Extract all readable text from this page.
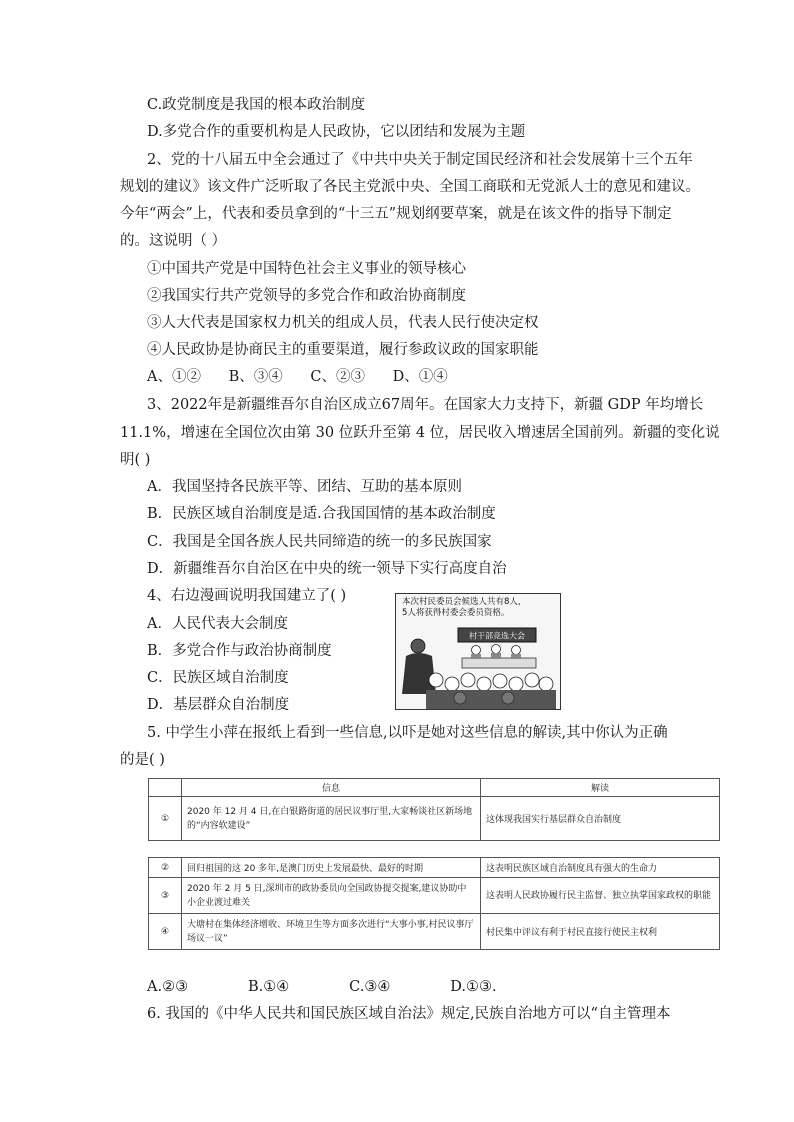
C.政党制度是我国的根本政治制度
D.多党合作的重要机构是人民政协，它以团结和发展为主题
2、党的十八届五中全会通过了《中共中央关于制定国民经济和社会发展第十三个五年
规划的建议》该文件广泛听取了各民主党派中央、全国工商联和无党派人士的意见和建议。
今年“两会”上，代表和委员拿到的“十三五”规划纲要草案，就是在该文件的指导下制定
的。这说明（ ）
①中国共产党是中国特色社会主义事业的领导核心
②我国实行共产党领导的多党合作和政治协商制度
③人大代表是国家权力机关的组成人员，代表人民行使决定权
④人民政协是协商民主的重要渠道，履行参政议政的国家职能
A、①②      B、③④      C、②③      D、①④
3、2022年是新疆维吾尔自治区成立67周年。在国家大力支持下，新疆 GDP 年均增长
11.1%，增速在全国位次由第 30 位跃升至第 4 位，居民收入增速居全国前列。新疆的变化说
明( )
A．我国坚持各民族平等、团结、互助的基本原则
B．民族区域自治制度是适.合我国国情的基本政治制度
C．我国是全国各族人民共同缔造的统一的多民族国家
D．新疆维吾尔自治区在中央的统一领导下实行高度自治
4、右边漫画说明我国建立了( )
A．人民代表大会制度
B．多党合作与政治协商制度
C．民族区域自治制度
D．基层群众自治制度
本次村民委员会候选人共有8人，
5人将获得村委会委员资格。
村干部竞选大会
5. 中学生小萍在报纸上看到一些信息,以吓是她对这些信息的解读,其中你认为正确
的是( )
	信息	解读
①	2020 年 12 月 4 日,在白银路街道的居民议事厅里,大家畅谈社区新场地的“内容软建设”	这体现我国实行基层群众自治制度
②	回归祖国的这 20 多年,是澳门历史上发展最快、最好的时期	这表明民族区域自治制度具有强大的生命力
③	2020 年 2 月 5 日,深圳市的政协委员向全国政协提交提案,建议协助中小企业渡过难关	这表明人民政协履行民主监督、独立执掌国家政权的职能
④	大塘村在集体经济增收、环境卫生等方面多次进行“大事小事,村民议事厅场议一议”	村民集中评议有利于村民直接行使民主权利
A.②③             B.①④             C.③④             D.①③.
6. 我国的《中华人民共和国民族区域自治法》规定,民族自治地方可以“自主管理本
